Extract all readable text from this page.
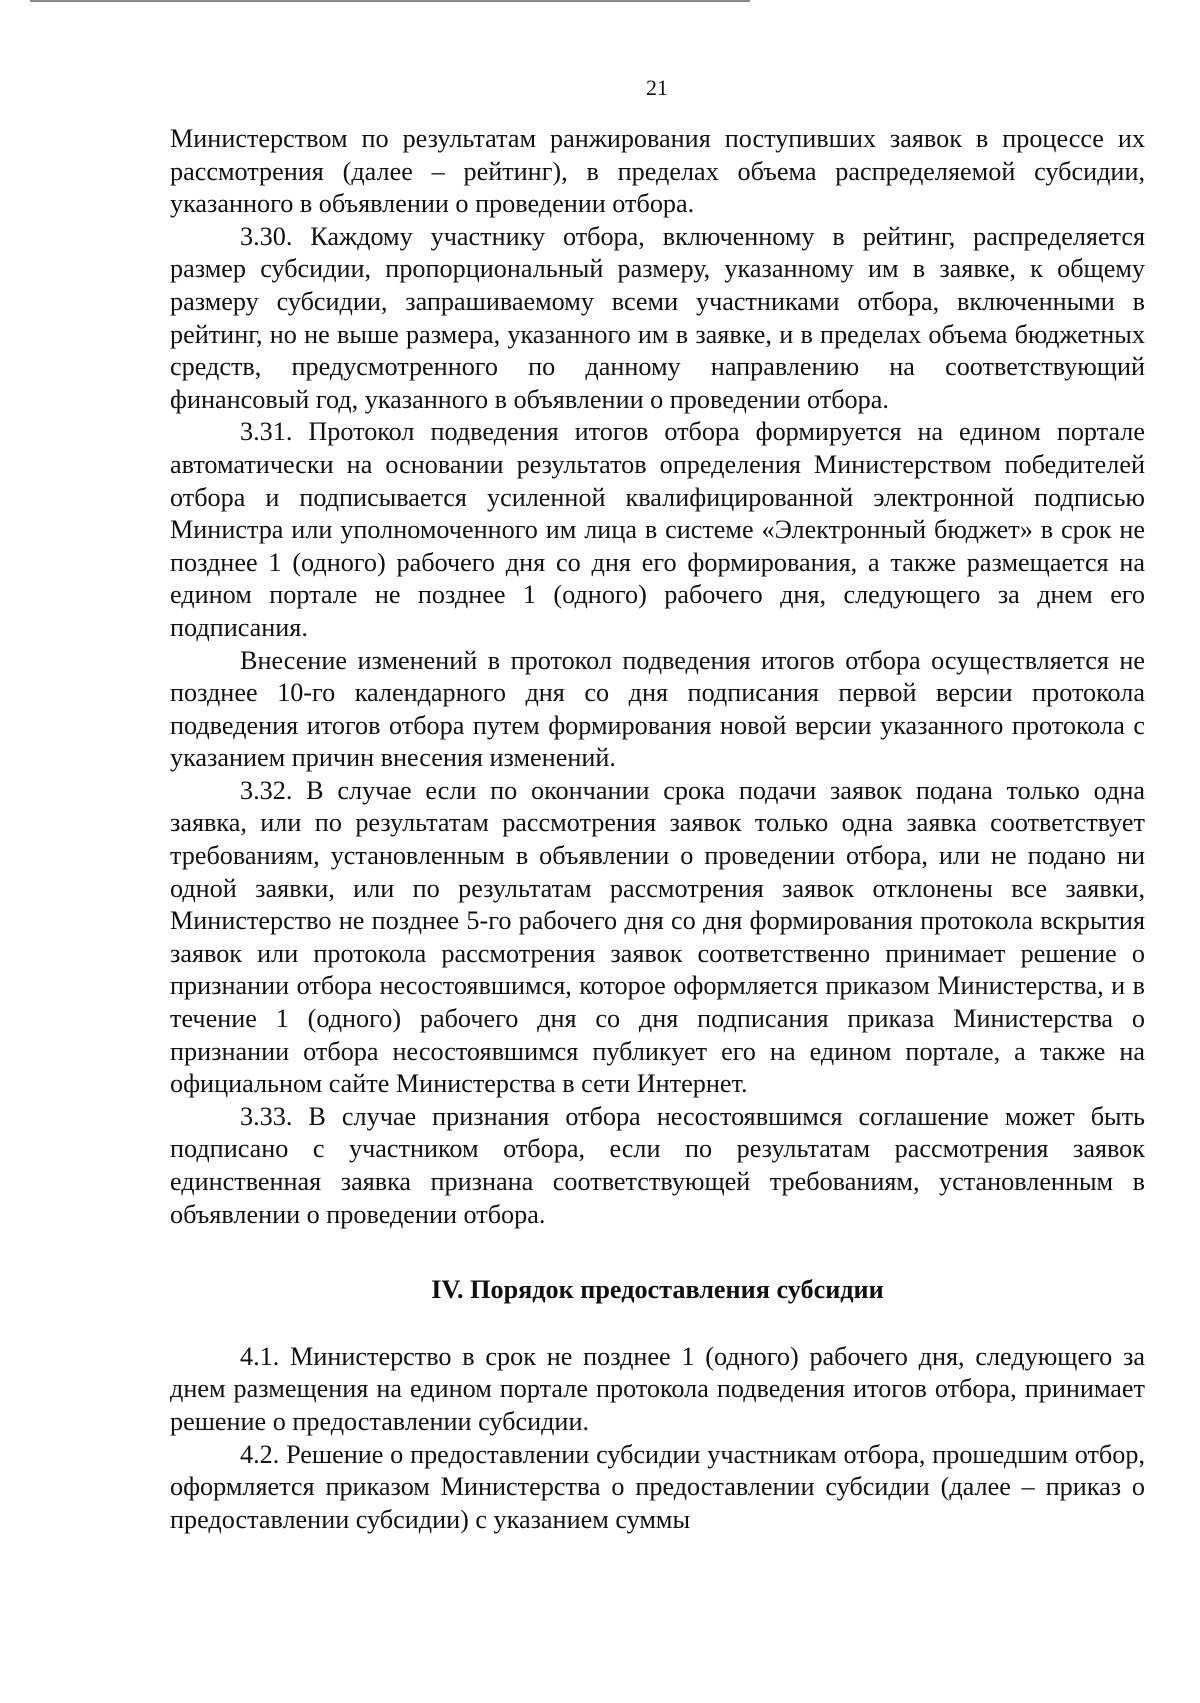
21

Министерством по результатам ранжирования поступивших заявок в процессе их рассмотрения (далее – рейтинг), в пределах объема распределяемой субсидии, указанного в объявлении о проведении отбора.

3.30. Каждому участнику отбора, включенному в рейтинг, распределяется размер субсидии, пропорциональный размеру, указанному им в заявке, к общему размеру субсидии, запрашиваемому всеми участниками отбора, включенными в рейтинг, но не выше размера, указанного им в заявке, и в пределах объема бюджетных средств, предусмотренного по данному направлению на соответствующий финансовый год, указанного в объявлении о проведении отбора.

3.31. Протокол подведения итогов отбора формируется на едином портале автоматически на основании результатов определения Министерством победителей отбора и подписывается усиленной квалифицированной электронной подписью Министра или уполномоченного им лица в системе «Электронный бюджет» в срок не позднее 1 (одного) рабочего дня со дня его формирования, а также размещается на едином портале не позднее 1 (одного) рабочего дня, следующего за днем его подписания.

Внесение изменений в протокол подведения итогов отбора осуществляется не позднее 10-го календарного дня со дня подписания первой версии протокола подведения итогов отбора путем формирования новой версии указанного протокола с указанием причин внесения изменений.

3.32. В случае если по окончании срока подачи заявок подана только одна заявка, или по результатам рассмотрения заявок только одна заявка соответствует требованиям, установленным в объявлении о проведении отбора, или не подано ни одной заявки, или по результатам рассмотрения заявок отклонены все заявки, Министерство не позднее 5-го рабочего дня со дня формирования протокола вскрытия заявок или протокола рассмотрения заявок соответственно принимает решение о признании отбора несостоявшимся, которое оформляется приказом Министерства, и в течение 1 (одного) рабочего дня со дня подписания приказа Министерства о признании отбора несостоявшимся публикует его на едином портале, а также на официальном сайте Министерства в сети Интернет.

3.33. В случае признания отбора несостоявшимся соглашение может быть подписано с участником отбора, если по результатам рассмотрения заявок единственная заявка признана соответствующей требованиям, установленным в объявлении о проведении отбора.

IV. Порядок предоставления субсидии

4.1. Министерство в срок не позднее 1 (одного) рабочего дня, следующего за днем размещения на едином портале протокола подведения итогов отбора, принимает решение о предоставлении субсидии.

4.2. Решение о предоставлении субсидии участникам отбора, прошедшим отбор, оформляется приказом Министерства о предоставлении субсидии (далее – приказ о предоставлении субсидии) с указанием суммы
